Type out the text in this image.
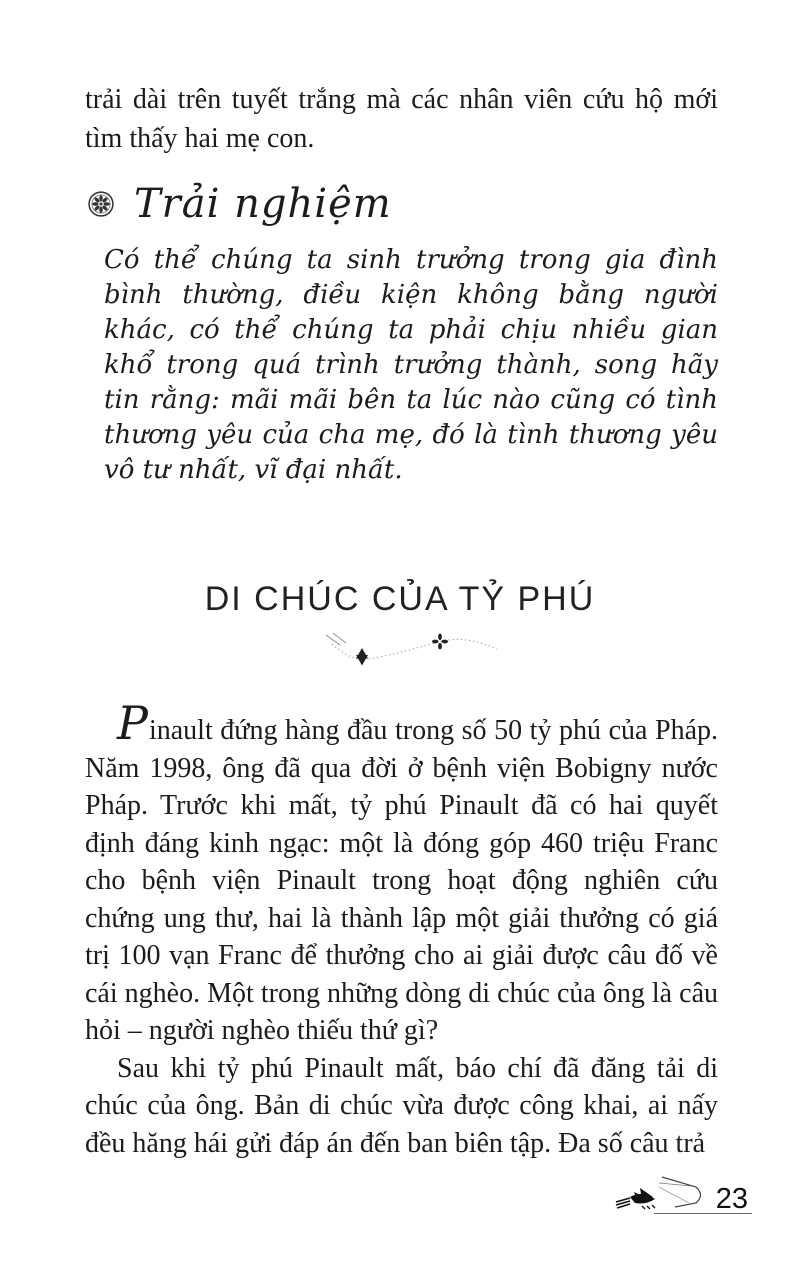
trải dài trên tuyết trắng mà các nhân viên cứu hộ mới tìm thấy hai mẹ con.

Trải nghiệm

Có thể chúng ta sinh trưởng trong gia đình bình thường, điều kiện không bằng người khác, có thể chúng ta phải chịu nhiều gian khổ trong quá trình trưởng thành, song hãy tin rằng: mãi mãi bên ta lúc nào cũng có tình thương yêu của cha mẹ, đó là tình thương yêu vô tư nhất, vĩ đại nhất.

DI CHÚC CỦA TỶ PHÚ

Pinault đứng hàng đầu trong số 50 tỷ phú của Pháp. Năm 1998, ông đã qua đời ở bệnh viện Bobigny nước Pháp. Trước khi mất, tỷ phú Pinault đã có hai quyết định đáng kinh ngạc: một là đóng góp 460 triệu Franc cho bệnh viện Pinault trong hoạt động nghiên cứu chứng ung thư, hai là thành lập một giải thưởng có giá trị 100 vạn Franc để thưởng cho ai giải được câu đố về cái nghèo. Một trong những dòng di chúc của ông là câu hỏi – người nghèo thiếu thứ gì?

Sau khi tỷ phú Pinault mất, báo chí đã đăng tải di chúc của ông. Bản di chúc vừa được công khai, ai nấy đều hăng hái gửi đáp án đến ban biên tập. Đa số câu trả

23
